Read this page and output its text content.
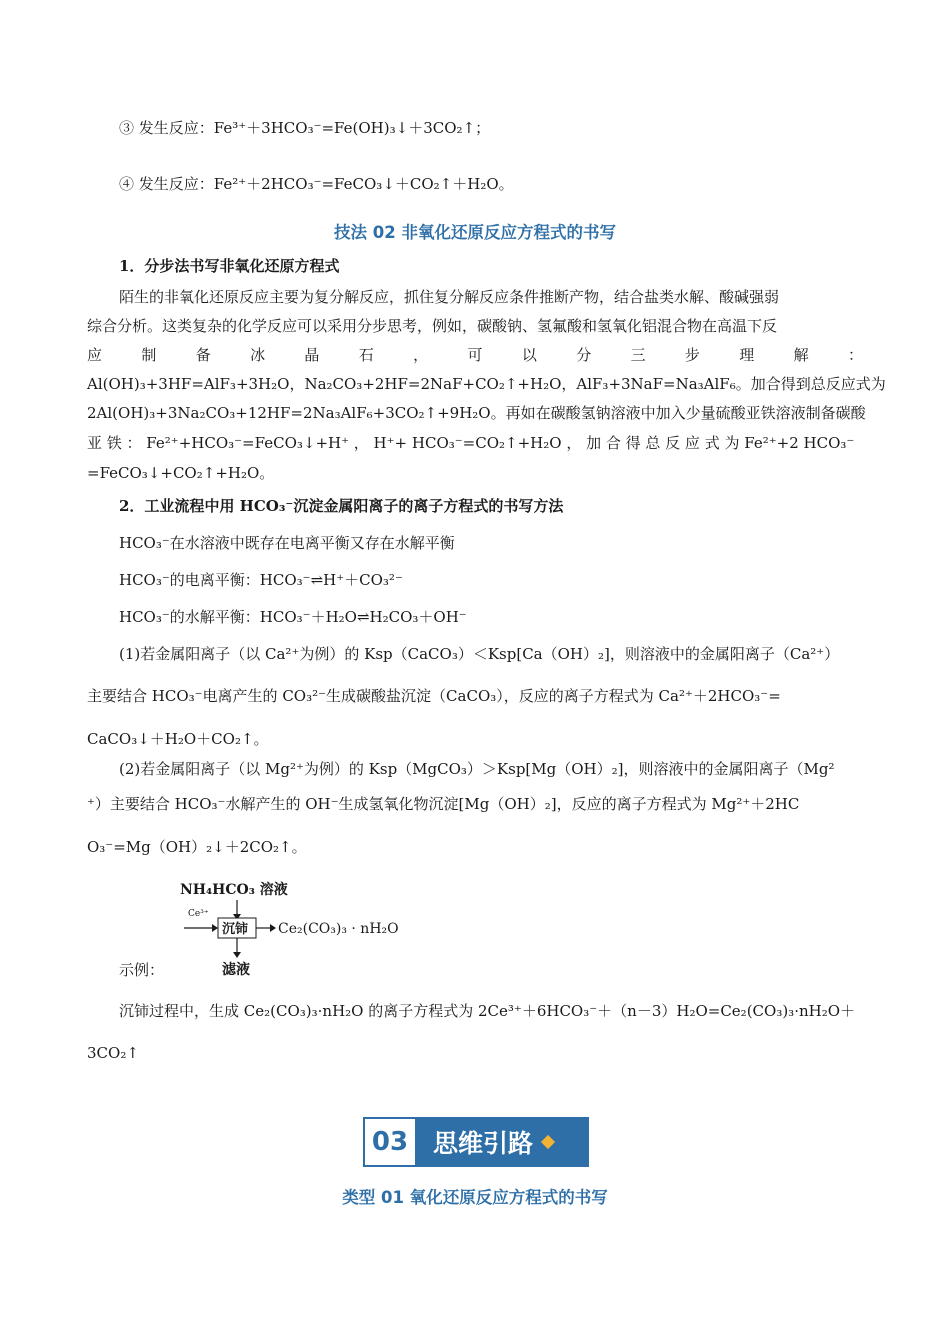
③ 发生反应：Fe³⁺＋3HCO₃⁻=Fe(OH)₃↓＋3CO₂↑；
④ 发生反应：Fe²⁺＋2HCO₃⁻=FeCO₃↓＋CO₂↑＋H₂O。
技法 02 非氧化还原反应方程式的书写
1．分步法书写非氧化还原方程式
陌生的非氧化还原反应主要为复分解反应，抓住复分解反应条件推断产物，结合盐类水解、酸碱强弱
综合分析。这类复杂的化学反应可以采用分步思考，例如，碳酸钠、氢氟酸和氢氧化铝混合物在高温下反
应 制 备 冰 晶 石 ， 可 以 分 三 步 理 解 ：
Al(OH)₃+3HF=AlF₃+3H₂O，Na₂CO₃+2HF=2NaF+CO₂↑+H₂O，AlF₃+3NaF=Na₃AlF₆。加合得到总反应式为
2Al(OH)₃+3Na₂CO₃+12HF=2Na₃AlF₆+3CO₂↑+9H₂O。再如在碳酸氢钠溶液中加入少量硫酸亚铁溶液制备碳酸
亚 铁 ： Fe²⁺+HCO₃⁻=FeCO₃↓+H⁺ ， H⁺+ HCO₃⁻=CO₂↑+H₂O ， 加 合 得 总 反 应 式 为 Fe²⁺+2 HCO₃⁻
=FeCO₃↓+CO₂↑+H₂O。
2．工业流程中用 HCO₃⁻沉淀金属阳离子的离子方程式的书写方法
HCO₃⁻在水溶液中既存在电离平衡又存在水解平衡
HCO₃⁻的电离平衡：HCO₃⁻⇌H⁺＋CO₃²⁻
HCO₃⁻的水解平衡：HCO₃⁻＋H₂O⇌H₂CO₃＋OH⁻
(1)若金属阳离子（以 Ca²⁺为例）的 Ksp（CaCO₃）＜Ksp[Ca（OH）₂]，则溶液中的金属阳离子（Ca²⁺）
主要结合 HCO₃⁻电离产生的 CO₃²⁻生成碳酸盐沉淀（CaCO₃），反应的离子方程式为 Ca²⁺＋2HCO₃⁻=
CaCO₃↓＋H₂O＋CO₂↑。
(2)若金属阳离子（以 Mg²⁺为例）的 Ksp（MgCO₃）＞Ksp[Mg（OH）₂]，则溶液中的金属阳离子（Mg²
⁺）主要结合 HCO₃⁻水解产生的 OH⁻生成氢氧化物沉淀[Mg（OH）₂]，反应的离子方程式为 Mg²⁺＋2HC
O₃⁻=Mg（OH）₂↓＋2CO₂↑。
NH₄HCO₃ 溶液
Ce³⁺
沉铈 Ce₂(CO₃)₃ · nH₂O
滤液
示例：
沉铈过程中，生成 Ce₂(CO₃)₃·nH₂O 的离子方程式为 2Ce³⁺＋6HCO₃⁻＋（n－3）H₂O=Ce₂(CO₃)₃·nH₂O＋
3CO₂↑
03 思维引路
类型 01 氧化还原反应方程式的书写
